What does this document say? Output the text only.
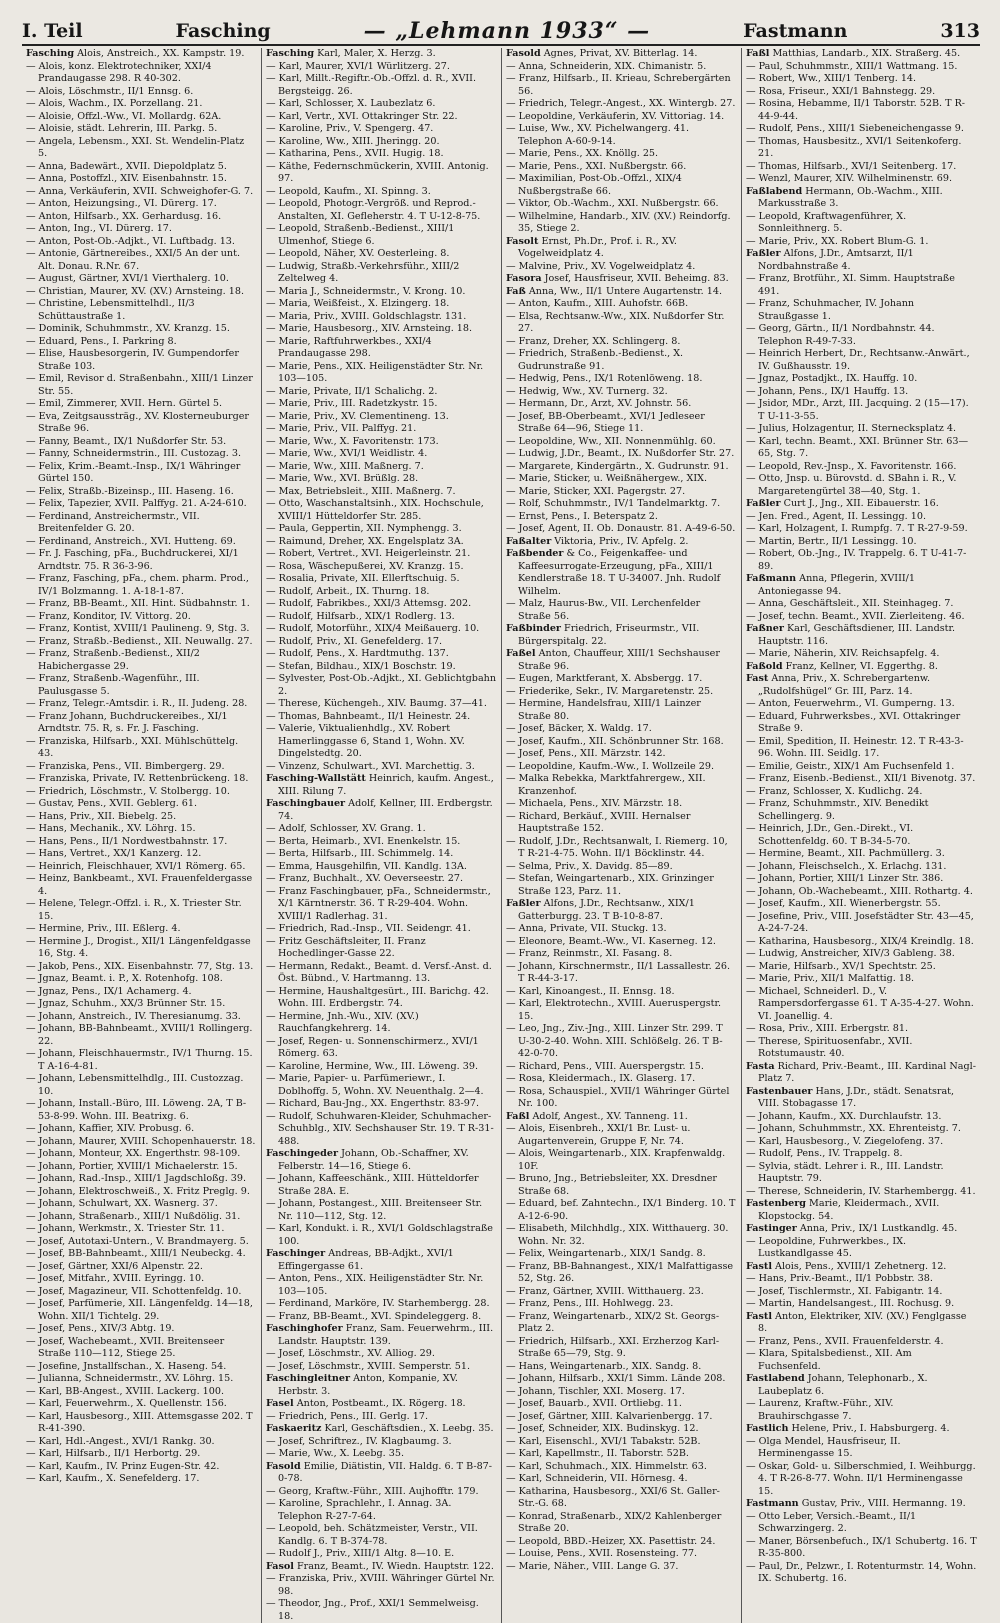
I. Teil	Fasching	— „Lehmann 1933“ —	Fastmann	313
Fasching Alois, Anstreich., XX. Kampstr. 19.
— Alois, konz. Elektrotechniker, XXI/4 Prandaugasse 298. R 40-302.
— Alois, Löschmstr., II/1 Ennsg. 6.
— Alois, Wachm., IX. Porzellang. 21.
— Aloisie, Offzl.-Ww., VI. Mollardg. 62A.
— Aloisie, städt. Lehrerin, III. Parkg. 5.
— Angela, Lebensm., XXI. St. Wendelin-Platz 5.
— Anna, Badewärt., XVII. Diepoldplatz 5.
— Anna, Postoffzl., XIV. Eisenbahnstr. 15.
— Anna, Verkäuferin, XVII. Schweighofer-G. 7.
— Anton, Heizungsing., VI. Dürerg. 17.
— Anton, Hilfsarb., XX. Gerhardusg. 16.
— Anton, Ing., VI. Dürerg. 17.
— Anton, Post-Ob.-Adjkt., VI. Luftbadg. 13.
— Antonie, Gärtnereibes., XXI/5 An der unt. Alt. Donau. R.Nr. 67.
— August, Gärtner, XVI/1 Vierthalerg. 10.
— Christian, Maurer, XV. (XV.) Arnsteing. 18.
— Christine, Lebensmittelhdl., II/3 Schüttaustraße 1.
— Dominik, Schuhmmstr., XV. Kranzg. 15.
— Eduard, Pens., I. Parkring 8.
— Elise, Hausbesorgerin, IV. Gumpendorfer Straße 103.
— Emil, Revisor d. Straßenbahn., XIII/1 Linzer Str. 55.
— Emil, Zimmerer, XVII. Hern. Gürtel 5.
— Eva, Zeitgsaussträg., XV. Klosterneuburger Straße 96.
— Fanny, Beamt., IX/1 Nußdorfer Str. 53.
— Fanny, Schneidermstrin., III. Custozag. 3.
— Felix, Krim.-Beamt.-Insp., IX/1 Währinger Gürtel 150.
— Felix, Straßb.-Bizeinsp., III. Haseng. 16.
— Felix, Tapezier, XVII. Palffyg. 21. A-24-610.
— Ferdinand, Anstreichermstr., VII. Breitenfelder G. 20.
— Ferdinand, Anstreich., XVI. Hutteng. 69.
— Fr. J. Fasching, pFa., Buchdruckerei, XI/1 Arndtstr. 75. R 36-3-96.
— Franz, Fasching, pFa., chem. pharm. Prod., IV/1 Bolzmanng. 1. A-18-1-87.
— Franz, BB-Beamt., XII. Hint. Südbahnstr. 1.
— Franz, Konditor, IV. Vittorg. 20.
— Franz, Kontist, XVIII/1 Paulineng. 9, Stg. 3.
— Franz, Straßb.-Bedienst., XII. Neuwallg. 27.
— Franz, Straßenb.-Bedienst., XII/2 Habichergasse 29.
— Franz, Straßenb.-Wagenführ., III. Paulusgasse 5.
— Franz, Telegr.-Amtsdir. i. R., II. Judeng. 28.
— Franz Johann, Buchdruckereibes., XI/1 Arndtstr. 75. R, s. Fr. J. Fasching.
— Franziska, Hilfsarb., XXI. Mühlschüttelg. 43.
— Franziska, Pens., VII. Bimbergerg. 29.
— Franziska, Private, IV. Rettenbrückeng. 18.
— Friedrich, Löschmstr., V. Stolbergg. 10.
— Gustav, Pens., XVII. Geblerg. 61.
— Hans, Priv., XII. Biebelg. 25.
— Hans, Mechanik., XV. Löhrg. 15.
— Hans, Pens., II/1 Nordwestbahnstr. 17.
— Hans, Vertret., XX/1 Kanzerg. 12.
— Heinrich, Fleischhauer, XVI/1 Römerg. 65.
— Heinz, Bankbeamt., XVI. Frauenfeldergasse 4.
— Helene, Telegr.-Offzl. i. R., X. Triester Str. 15.
— Hermine, Priv., III. Eßlerg. 4.
— Hermine J., Drogist., XII/1 Längenfeldgasse 16, Stg. 4.
— Jakob, Pens., XIX. Eisenbahnstr. 77, Stg. 13.
— Jgnaz, Beamt. i. P., X. Rotenhofg. 108.
— Jgnaz, Pens., IX/1 Achamerg. 4.
— Jgnaz, Schuhm., XX/3 Brünner Str. 15.
— Johann, Anstreich., IV. Theresianumg. 33.
— Johann, BB-Bahnbeamt., XVIII/1 Rollingerg. 22.
— Johann, Fleischhauermstr., IV/1 Thurng. 15. T A-16-4-81.
— Johann, Lebensmittelhdlg., III. Custozzag. 10.
— Johann, Install.-Büro, III. Löweng. 2A, T B-53-8-99. Wohn. III. Beatrixg. 6.
— Johann, Kaffier, XIV. Probusg. 6.
— Johann, Maurer, XVIII. Schopenhauerstr. 18.
— Johann, Monteur, XX. Engerthstr. 98-109.
— Johann, Portier, XVIII/1 Michaelerstr. 15.
— Johann, Rad.-Insp., XIII/1 Jagdschloßg. 39.
— Johann, Elektroschweiß., X. Fritz Preglg. 9.
— Johann, Schulwart, XX. Wasnerg. 37.
— Johann, Straßenarb., XIII/1 Nußdölig. 31.
— Johann, Werkmstr., X. Triester Str. 11.
— Josef, Autotaxi-Untern., V. Brandmayerg. 5.
— Josef, BB-Bahnbeamt., XIII/1 Neubeckg. 4.
— Josef, Gärtner, XXI/6 Alpenstr. 22.
— Josef, Mitfahr., XVIII. Eyringg. 10.
— Josef, Magazineur, VII. Schottenfeldg. 10.
— Josef, Parfümerie, XII. Längenfeldg. 14—18, Wohn. XII/1 Tichtelg. 29.
— Josef, Pens., XIV/3 Abtg. 19.
— Josef, Wachebeamt., XVII. Breitenseer Straße 110—112, Stiege 25.
— Josefine, Jnstallfschan., X. Haseng. 54.
— Julianna, Schneidermstr., XV. Löhrg. 15.
— Karl, BB-Angest., XVIII. Lackerg. 100.
— Karl, Feuerwehrm., X. Quellenstr. 156.
— Karl, Hausbesorg., XIII. Attemsgasse 202. T R-41-390.
— Karl, Hdl.-Angest., XVI/1 Rankg. 30.
— Karl, Hilfsarb., II/1 Herbortg. 29.
— Karl, Kaufm., IV. Prinz Eugen-Str. 42.
— Karl, Kaufm., X. Senefelderg. 17.
Fasching Karl, Maler, X. Herzg. 3.
— Karl, Maurer, XVI/1 Würlitzerg. 27.
— Karl, Millt.-Regiftr.-Ob.-Offzl. d. R., XVII. Bergsteigg. 26.
— Karl, Schlosser, X. Laubezlatz 6.
— Karl, Vertr., XVI. Ottakringer Str. 22.
— Karoline, Priv., V. Spengerg. 47.
— Karoline, Ww., XIII. Jheringg. 20.
— Katharina, Pens., XVII. Hugig. 18.
— Käthe, Federnschmückerin, XVIII. Antonig. 97.
— Leopold, Kaufm., XI. Spinng. 3.
— Leopold, Photogr.-Vergröß. und Reprod.-Anstalten, XI. Gefleherstr. 4. T U-12-8-75.
— Leopold, Straßenb.-Bedienst., XIII/1 Ulmenhof, Stiege 6.
— Leopold, Näher, XV. Oesterleing. 8.
— Ludwig, Straßb.-Verkehrsführ., XIII/2 Zeltelweg 4.
— Maria J., Schneidermstr., V. Krong. 10.
— Maria, Weißfeist., X. Elzingerg. 18.
— Maria, Priv., XVIII. Goldschlagstr. 131.
— Marie, Hausbesorg., XIV. Arnsteing. 18.
— Marie, Raftfuhrwerkbes., XXI/4 Prandaugasse 298.
— Marie, Pens., XIX. Heiligenstädter Str. Nr. 103—105.
— Marie, Private, II/1 Schalichg. 2.
— Marie, Priv., III. Radetzkystr. 15.
— Marie, Priv., XV. Clementineng. 13.
— Marie, Priv., VII. Palffyg. 21.
— Marie, Ww., X. Favoritenstr. 173.
— Marie, Ww., XVI/1 Weidlistr. 4.
— Marie, Ww., XIII. Maßnerg. 7.
— Marie, Ww., XVI. Brüßlg. 28.
— Max, Betriebsleit., XIII. Maßnerg. 7.
— Otto, Waschanstaltsinh., XIX. Hochschule, XVIII/1 Hütteldorfer Str. 285.
— Paula, Geppertin, XII. Nymphengg. 3.
— Raimund, Dreher, XX. Engelsplatz 3A.
— Robert, Vertret., XVI. Heigerleinstr. 21.
— Rosa, Wäschepußerei, XV. Kranzg. 15.
— Rosalia, Private, XII. Ellerftschuig. 5.
— Rudolf, Arbeit., IX. Thurng. 18.
— Rudolf, Fabrikbes., XXI/3 Attemsg. 202.
— Rudolf, Hilfsarb., XIX/1 Rodlerg. 13.
— Rudolf, Motorführ., XIX/4 Meißauerg. 10.
— Rudolf, Priv., XI. Genefelderg. 17.
— Rudolf, Pens., X. Hardtmuthg. 137.
— Stefan, Bildhau., XIX/1 Boschstr. 19.
— Sylvester, Post-Ob.-Adjkt., XI. Geblichtgbahn 2.
— Therese, Küchengeh., XIV. Baumg. 37—41.
— Thomas, Bahnbeamt., II/1 Heinestr. 24.
— Valerie, Viktualienhdlg., XV. Robert Hamerlinggasse 6, Stand 1, Wohn. XV. Dingelstedtg. 20.
— Vinzenz, Schulwart., XVI. Marchettig. 3.
Fasching-Wallstätt Heinrich, kaufm. Angest., XIII. Rilung 7.
Faschingbauer Adolf, Kellner, III. Erdbergstr. 74.
— Adolf, Schlosser, XV. Grang. 1.
— Berta, Heimarb., XVI. Enenkelstr. 15.
— Berta, Hilfsarb., III. Schimmelg. 14.
— Emma, Hausgehilfin, VII. Kandlg. 13A.
— Franz, Buchhalt., XV. Oeverseestr. 27.
— Franz Faschingbauer, pFa., Schneidermstr., X/1 Kärntnerstr. 36. T R-29-404. Wohn. XVIII/1 Radlerhag. 31.
— Friedrich, Rad.-Insp., VII. Seidengr. 41.
— Fritz Geschäftsleiter, II. Franz Hochedlinger-Gasse 22.
— Hermann, Redakt., Beamt. d. Versf.-Anst. d. Öst. Bübnd., V. Hartmanng. 13.
— Hermine, Haushaltgesürt., III. Barichg. 42. Wohn. III. Erdbergstr. 74.
— Hermine, Jnh.-Wu., XIV. (XV.) Rauchfangkehrerg. 14.
— Josef, Regen- u. Sonnenschirmerz., XVI/1 Römerg. 63.
— Karoline, Hermine, Ww., III. Löweng. 39.
— Marie, Papier- u. Parfümeriewr., I. Doblhoffg. 5, Wohn. XV. Neuenthalg. 2—4.
— Richard, Bau-Jng., XX. Engerthstr. 83-97.
— Rudolf, Schuhwaren-Kleider, Schuhmacher-Schuhblg., XIV. Sechshauser Str. 19. T R-31-488.
Faschingeder Johann, Ob.-Schaffner, XV. Felberstr. 14—16, Stiege 6.
— Johann, Kaffeeschänk., XIII. Hütteldorfer Straße 28A. E.
— Johann, Postangest., XIII. Breitenseer Str. Nr. 110—112, Stg. 12.
— Karl, Kondukt. i. R., XVI/1 Goldschlagstraße 100.
Faschinger Andreas, BB-Adjkt., XVI/1 Effingergasse 61.
— Anton, Pens., XIX. Heiligenstädter Str. Nr. 103—105.
— Ferdinand, Marköre, IV. Starhembergg. 28.
— Franz, BB-Beamt., XVI. Spindeleggerg. 8.
Faschinghofer Franz, Sam. Feuerwehrm., III. Landstr. Hauptstr. 139.
— Josef, Löschmstr., XV. Alliog. 29.
— Josef, Löschmstr., XVIII. Semperstr. 51.
Faschingleitner Anton, Kompanie, XV. Herbstr. 3.
Fasel Anton, Postbeamt., IX. Rögerg. 18.
— Friedrich, Pens., III. Gerlg. 17.
Faskaeritz Karl, Geschäftsdien., X. Leebg. 35.
— Josef, Schriftrez., IV. Klagbaumg. 3.
— Marie, Ww., X. Leebg. 35.
Fasold Emilie, Diätistin, VII. Haldg. 6. T B-87-0-78.
— Georg, Kraftw.-Führ., XIII. Aujhofftr. 179.
— Karoline, Sprachlehr., I. Annag. 3A. Telephon R-27-7-64.
— Leopold, beh. Schätzmeister, Verstr., VII. Kandlg. 6. T B-374-78.
— Rudolf J., Priv., XIII/1 Altg. 8—10. E.
Fasol Franz, Beamt., IV. Wiedn. Hauptstr. 122.
— Franziska, Priv., XVIII. Währinger Gürtel Nr. 98.
— Theodor, Jng., Prof., XXI/1 Semmelweisg. 18.
Fasold Agnes, Privat, XV. Bitterlag. 14.
— Anna, Schneiderin, XIX. Chimanistr. 5.
— Franz, Hilfsarb., II. Krieau, Schrebergärten 56.
— Friedrich, Telegr.-Angest., XX. Wintergb. 27.
— Leopoldine, Verkäuferin, XV. Vittoriag. 14.
— Luise, Ww., XV. Pichelwangerg. 41. Telephon A-60-9-14.
— Marie, Pens., XX. Knöllg. 25.
— Marie, Pens., XXI. Nußbergstr. 66.
— Maximilian, Post-Ob.-Offzl., XIX/4 Nußbergstraße 66.
— Viktor, Ob.-Wachm., XXI. Nußbergstr. 66.
— Wilhelmine, Handarb., XIV. (XV.) Reindorfg. 35, Stiege 2.
Fasolt Ernst, Ph.Dr., Prof. i. R., XV. Vogelweidplatz 4.
— Malvine, Priv., XV. Vogelweidplatz 4.
Fasora Josef, Hausfriseur, XVII. Beheimg. 83.
Faß Anna, Ww., II/1 Untere Augartenstr. 14.
— Anton, Kaufm., XIII. Auhofstr. 66B.
— Elsa, Rechtsanw.-Ww., XIX. Nußdorfer Str. 27.
— Franz, Dreher, XX. Schlingerg. 8.
— Friedrich, Straßenb.-Bedienst., X. Gudrunstraße 91.
— Hedwig, Pens., IX/1 Rotenlöweng. 18.
— Hedwig, Ww., XV. Turnerg. 32.
— Hermann, Dr., Arzt, XV. Johnstr. 56.
— Josef, BB-Oberbeamt., XVI/1 Jedleseer Straße 64—96, Stiege 11.
— Leopoldine, Ww., XII. Nonnenmühlg. 60.
— Ludwig, J.Dr., Beamt., IX. Nußdorfer Str. 27.
— Margarete, Kindergärtn., X. Gudrunstr. 91.
— Marie, Sticker, u. Weißnähergew., XIX.
— Marie, Sticker, XXI. Pagergstr. 27.
— Rolf, Schuhmmstr., IV/1 Tandelmarktg. 7.
— Ernst, Pens., I. Beterspatz 2.
— Josef, Agent, II. Ob. Donaustr. 81. A-49-6-50.
Faßalter Viktoria, Priv., IV. Apfelg. 2.
Faßbender & Co., Feigenkaffee- und Kaffeesurrogate-Erzeugung, pFa., XIII/1 Kendlerstraße 18. T U-34007. Jnh. Rudolf Wilhelm.
— Malz, Haurus-Bw., VII. Lerchenfelder Straße 56.
Faßbinder Friedrich, Friseurmstr., VII. Bürgerspitalg. 22.
Faßel Anton, Chauffeur, XIII/1 Sechshauser Straße 96.
— Eugen, Marktferant, X. Absbergg. 17.
— Friederike, Sekr., IV. Margaretenstr. 25.
— Hermine, Handelsfrau, XIII/1 Lainzer Straße 80.
— Josef, Bäcker, X. Waldg. 17.
— Josef, Kaufm., XII. Schönbrunner Str. 168.
— Josef, Pens., XII. Märzstr. 142.
— Leopoldine, Kaufm.-Ww., I. Wollzeile 29.
— Malka Rebekka, Marktfahrergew., XII. Kranzenhof.
— Michaela, Pens., XIV. Märzstr. 18.
— Richard, Berkäuf., XVIII. Hernalser Hauptstraße 152.
— Rudolf, J.Dr., Rechtsanwalt, I. Riemerg. 10, T R-21-4-75. Wohn. II/1 Böcklinstr. 44.
— Selma, Priv., X. Davidg. 85—89.
— Stefan, Weingartenarb., XIX. Grinzinger Straße 123, Parz. 11.
Faßler Alfons, J.Dr., Rechtsanw., XIX/1 Gatterburgg. 23. T B-10-8-87.
— Anna, Private, VII. Stuckg. 13.
— Eleonore, Beamt.-Ww., VI. Kaserneg. 12.
— Franz, Reinmstr., XI. Fasang. 8.
— Johann, Kirschnermstr., II/1 Lassallestr. 26. T R-44-3-17.
— Karl, Kinoangest., II. Ennsg. 18.
— Karl, Elektrotechn., XVIII. Aueruspergstr. 15.
— Leo, Jng., Ziv.-Jng., XIII. Linzer Str. 299. T U-30-2-40. Wohn. XIII. Schlößelg. 26. T B-42-0-70.
— Richard, Pens., VIII. Auerspergstr. 15.
— Rosa, Kleidermach., IX. Glaserg. 17.
— Rosa, Schauspiel., XVII/1 Währinger Gürtel Nr. 100.
Faßl Adolf, Angest., XV. Tanneng. 11.
— Alois, Eisenbreh., XXI/1 Br. Lust- u. Augartenverein, Gruppe F, Nr. 74.
— Alois, Weingartenarb., XIX. Krapfenwaldg. 10F.
— Bruno, Jng., Betriebsleiter, XX. Dresdner Straße 68.
— Eduard, bef. Zahntechn., IX/1 Binderg. 10. T A-12-6-90.
— Elisabeth, Milchhdlg., XIX. Witthauerg. 30. Wohn. Nr. 32.
— Felix, Weingartenarb., XIX/1 Sandg. 8.
— Franz, BB-Bahnangest., XIX/1 Malfattigasse 52, Stg. 26.
— Franz, Gärtner, XVIII. Witthauerg. 23.
— Franz, Pens., III. Hohlwegg. 23.
— Franz, Weingartenarb., XIX/2 St. Georgs-Platz 2.
— Friedrich, Hilfsarb., XXI. Erzherzog Karl-Straße 65—79, Stg. 9.
— Hans, Weingartenarb., XIX. Sandg. 8.
— Johann, Hilfsarb., XXI/1 Simm. Lände 208.
— Johann, Tischler, XXI. Moserg. 17.
— Josef, Bauarb., XVII. Ortliebg. 11.
— Josef, Gärtner, XIII. Kalvarienbergg. 17.
— Josef, Schneider, XIX. Budinskyg. 12.
— Karl, Eisenschl., XVI/1 Tabakstr. 52B.
— Karl, Kapellmstr., II. Taborstr. 52B.
— Karl, Schuhmach., XIX. Himmelstr. 63.
— Karl, Schneiderin, VII. Hörnesg. 4.
— Katharina, Hausbesorg., XXI/6 St. Galler-Str.-G. 68.
— Konrad, Straßenarb., XIX/2 Kahlenberger Straße 20.
— Leopold, BBD.-Heizer, XX. Pasettistr. 24.
— Louise, Pens., XVII. Rosensteing. 77.
— Marie, Näher., VIII. Lange G. 37.
Faßl Matthias, Landarb., XIX. Straßerg. 45.
— Paul, Schuhmmstr., XIII/1 Wattmang. 15.
— Robert, Ww., XIII/1 Tenberg. 14.
— Rosa, Friseur., XXI/1 Bahnstegg. 29.
— Rosina, Hebamme, II/1 Taborstr. 52B. T R-44-9-44.
— Rudolf, Pens., XIII/1 Siebeneichengasse 9.
— Thomas, Hausbesitz., XVI/1 Seitenkoferg. 21.
— Thomas, Hilfsarb., XVI/1 Seitenberg. 17.
— Wenzl, Maurer, XIV. Wilhelminenstr. 69.
Faßlabend Hermann, Ob.-Wachm., XIII. Markusstraße 3.
— Leopold, Kraftwagenführer, X. Sonnleithnerg. 5.
— Marie, Priv., XX. Robert Blum-G. 1.
Faßler Alfons, J.Dr., Amtsarzt, II/1 Nordbahnstraße 4.
— Franz, Brotführ., XI. Simm. Hauptstraße 491.
— Franz, Schuhmacher, IV. Johann Straußgasse 1.
— Georg, Gärtn., II/1 Nordbahnstr. 44. Telephon R-49-7-33.
— Heinrich Herbert, Dr., Rechtsanw.-Anwärt., IV. Gußhausstr. 19.
— Jgnaz, Postadjkt., IX. Hauffg. 10.
— Johann, Pens., IX/1 Hauffg. 13.
— Jsidor, MDr., Arzt, III. Jacquing. 2 (15—17). T U-11-3-55.
— Julius, Holzagentur, II. Sternecksplatz 4.
— Karl, techn. Beamt., XXI. Brünner Str. 63—65, Stg. 7.
— Leopold, Rev.-Jnsp., X. Favoritenstr. 166.
— Otto, Jnsp. u. Bürovstd. d. SBahn i. R., V. Margaretengürtel 38—40, Stg. 1.
Faßler Curt J., Jng., XII. Eibauerstr. 16.
— Jen. Fred., Agent, II. Lessingg. 10.
— Karl, Holzagent, I. Rumpfg. 7. T R-27-9-59.
— Martin, Bertr., II/1 Lessingg. 10.
— Robert, Ob.-Jng., IV. Trappelg. 6. T U-41-7-89.
Faßmann Anna, Pflegerin, XVIII/1 Antoniegasse 94.
— Anna, Geschäftsleit., XII. Steinhageg. 7.
— Josef, techn. Beamt., XVII. Zierleiteng. 46.
Faßner Karl, Geschäftsdiener, III. Landstr. Hauptstr. 116.
— Marie, Näherin, XIV. Reichsapfelg. 4.
Faßold Franz, Kellner, VI. Eggerthg. 8.
Fast Anna, Priv., X. Schrebergartenw. „Rudolfshügel“ Gr. III, Parz. 14.
— Anton, Feuerwehrm., VI. Gumperng. 13.
— Eduard, Fuhrwerksbes., XVI. Ottakringer Straße 9.
— Emil, Spedition, II. Heinestr. 12. T R-43-3-96. Wohn. III. Seidlg. 17.
— Emilie, Geistr., XIX/1 Am Fuchsenfeld 1.
— Franz, Eisenb.-Bedienst., XII/1 Bivenotg. 37.
— Franz, Schlosser, X. Kudlichg. 24.
— Franz, Schuhmmstr., XIV. Benedikt Schellingerg. 9.
— Heinrich, J.Dr., Gen.-Direkt., VI. Schottenfeldg. 60. T B-34-5-70.
— Hermine, Beamt., XII. Pachmüllerg. 3.
— Johann, Fleischselch., X. Erlachg. 131.
— Johann, Portier, XIII/1 Linzer Str. 386.
— Johann, Ob.-Wachebeamt., XIII. Rothartg. 4.
— Josef, Kaufm., XII. Wienerbergstr. 55.
— Josefine, Priv., VIII. Josefstädter Str. 43—45, A-24-7-24.
— Katharina, Hausbesorg., XIX/4 Kreindlg. 18.
— Ludwig, Anstreicher, XIV/3 Gableng. 38.
— Marie, Hilfsarb., XV/1 Spechtstr. 25.
— Marie, Priv., XII/1 Malfattig. 18.
— Michael, Schneiderl. D., V. Rampersdorfergasse 61. T A-35-4-27. Wohn. VI. Joanellig. 4.
— Rosa, Priv., XIII. Erbergstr. 81.
— Therese, Spirituosenfabr., XVII. Rotstumaustr. 40.
Fasta Richard, Priv.-Beamt., III. Kardinal Nagl-Platz 7.
Fastenbauer Hans, J.Dr., städt. Senatsrat, VIII. Stobagasse 17.
— Johann, Kaufm., XX. Durchlaufstr. 13.
— Johann, Schuhmmstr., XX. Ehrenteistg. 7.
— Karl, Hausbesorg., V. Ziegelofeng. 37.
— Rudolf, Pens., IV. Trappelg. 8.
— Sylvia, städt. Lehrer i. R., III. Landstr. Hauptstr. 79.
— Therese, Schneiderin, IV. Starhembergg. 41.
Fastenberg Marie, Kleidermach., XVII. Klopstockg. 54.
Fastinger Anna, Priv., IX/1 Lustkandlg. 45.
— Leopoldine, Fuhrwerkbes., IX. Lustkandlgasse 45.
Fastl Alois, Pens., XVIII/1 Zehetnerg. 12.
— Hans, Priv.-Beamt., II/1 Pobbstr. 38.
— Josef, Tischlermstr., XI. Fabigantr. 14.
— Martin, Handelsangest., III. Rochusg. 9.
Fastl Anton, Elektriker, XIV. (XV.) Fenglgasse 8.
— Franz, Pens., XVII. Frauenfelderstr. 4.
— Klara, Spitalsbedienst., XII. Am Fuchsenfeld.
Fastlabend Johann, Telephonarb., X. Laubeplatz 6.
— Laurenz, Kraftw.-Führ., XIV. Brauhirschgasse 7.
Fastlich Helene, Priv., I. Habsburgerg. 4.
— Olga Mendel, Hausfriseur, II. Herminengasse 15.
— Oskar, Gold- u. Silberschmied, I. Weihburgg. 4. T R-26-8-77. Wohn. II/1 Herminengasse 15.
Fastmann Gustav, Priv., VIII. Hermanng. 19.
— Otto Leber, Versich.-Beamt., II/1 Schwarzingerg. 2.
— Maner, Börsenbefuch., IX/1 Schubertg. 16. T R-35-800.
— Paul, Dr., Pelzwr., I. Rotenturmstr. 14, Wohn. IX. Schubertg. 16.
